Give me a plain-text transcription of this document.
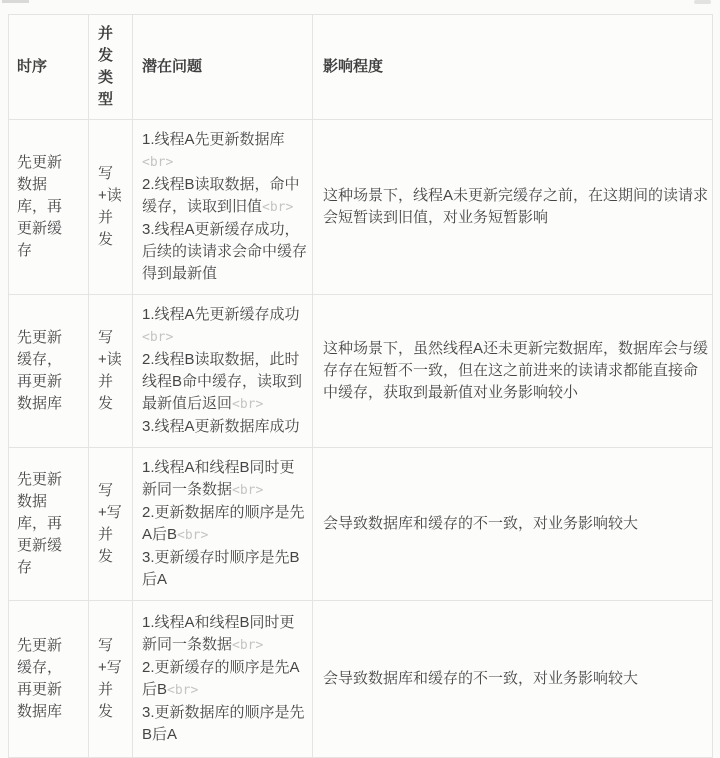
时序	并发类型	潜在问题	影响程度
先更新数据库，再更新缓存	写+读并发	1.线程A先更新数据库<br>
2.线程B读取数据，命中缓存，读取到旧值<br>
3.线程A更新缓存成功，后续的读请求会命中缓存得到最新值	这种场景下，线程A未更新完缓存之前，在这期间的读请求会短暂读到旧值，对业务短暂影响
先更新缓存，再更新数据库	写+读并发	1.线程A先更新缓存成功<br>
2.线程B读取数据，此时线程B命中缓存，读取到最新值后返回<br>
3.线程A更新数据库成功	这种场景下，虽然线程A还未更新完数据库，数据库会与缓存存在短暂不一致，但在这之前进来的读请求都能直接命中缓存，获取到最新值对业务影响较小
先更新数据库，再更新缓存	写+写并发	1.线程A和线程B同时更新同一条数据<br>
2.更新数据库的顺序是先A后B<br>
3.更新缓存时顺序是先B后A	会导致数据库和缓存的不一致，对业务影响较大
先更新缓存，再更新数据库	写+写并发	1.线程A和线程B同时更新同一条数据<br>
2.更新缓存的顺序是先A后B<br>
3.更新数据库的顺序是先B后A	会导致数据库和缓存的不一致，对业务影响较大
